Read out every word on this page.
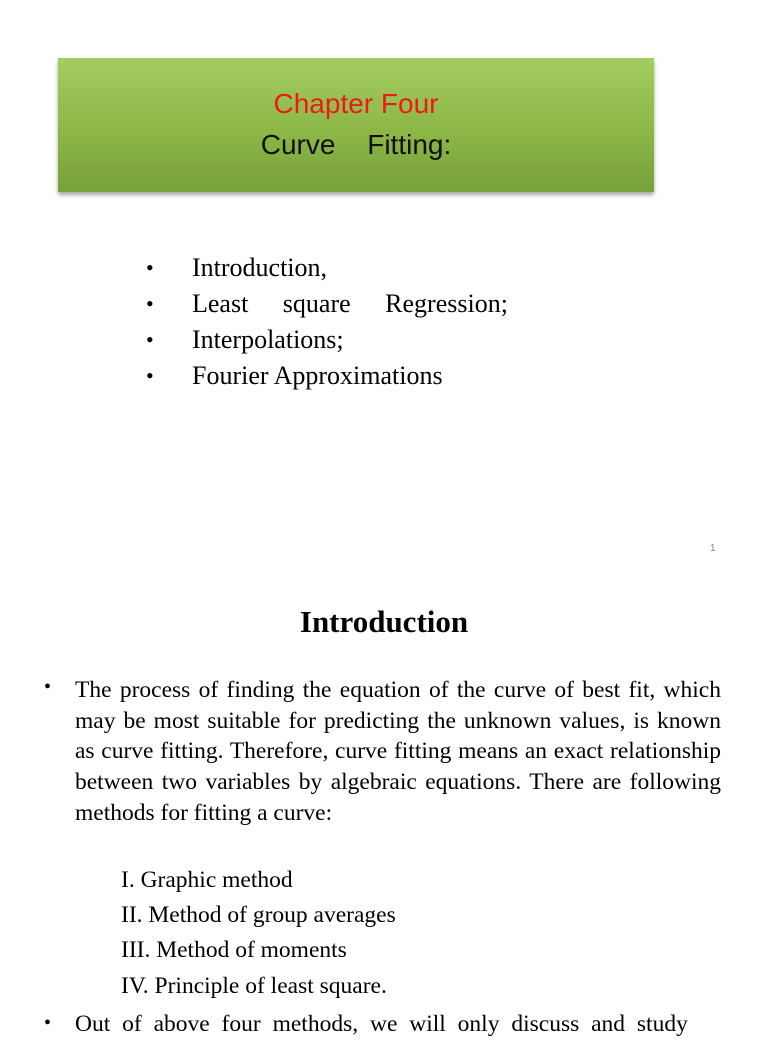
Chapter Four
Curve Fitting:
• Introduction,
• Least square Regression;
• Interpolations;
• Fourier Approximations
1
Introduction
• The process of finding the equation of the curve of best fit, which may be most suitable for predicting the unknown values, is known as curve fitting. Therefore, curve fitting means an exact relationship between two variables by algebraic equations. There are following methods for fitting a curve:

I. Graphic method
II. Method of group averages
III. Method of moments
IV. Principle of least square.
• Out of above four methods, we will only discuss and study
